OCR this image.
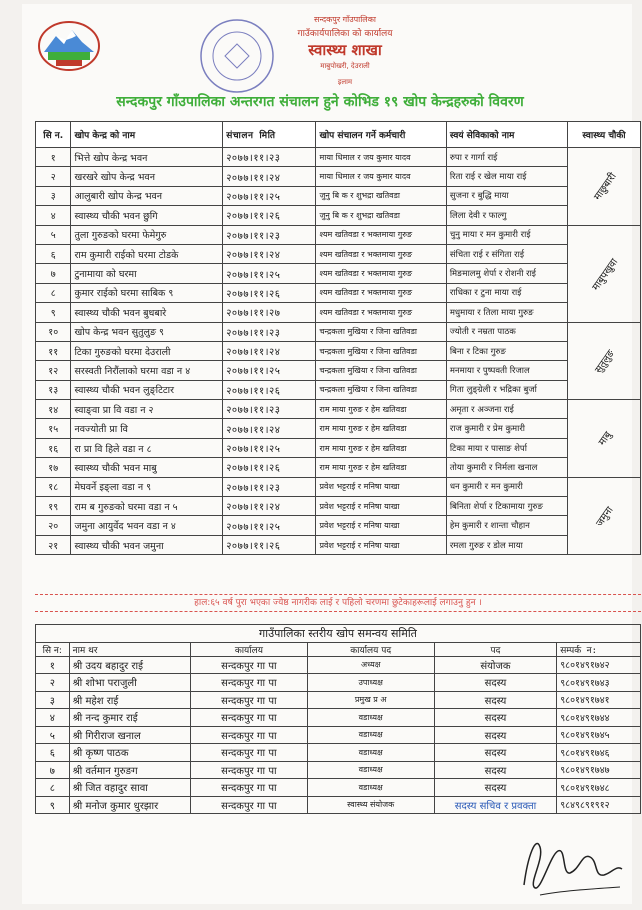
सन्दकपुर गाँउपालिका
गाउँकार्यपालिका को कार्यालय
स्वास्थ्य शाखा
माबुपोखरी, देउराली
इलाम
सन्दकपुर गाँउपालिका अन्तरगत संचालन हुने कोभिड १९ खोप केन्द्रहरुको विवरण
सि न.	खोप केन्द्र को नाम	संचालन मिति	खोप संचालन गर्ने कर्मचारी	स्वयं सेविकाको नाम	स्वास्थ्य चौकी
१	भित्ते खोप केन्द्र भवन	२०७७।११।२३	माया धिमाल र जय कुमार यादव	रुपा र गार्गा राई	माछुबारी
२	खरखरे खोप केन्द्र भवन	२०७७।११।२४	माया धिमाल र जय कुमार यादव	रिता राई र खेल माया राई	
३	आलुबारी खोप केन्द्र भवन	२०७७।११।२५	जुनु बि क र शुभद्रा खतिवडा	सुजना र बुद्धि माया	
४	स्वास्थ्य चौकी भवन छुगि	२०७७।११।२६	जुनु बि क र शुभद्रा खतिवडा	लिला देवी र फाल्गु	
५	तुला गुरुङको घरमा फेमेगुरु	२०७७।११।२३	श्यम खतिवडा र भक्तमाया गुरुङ	चुनु माया र मन कुमारी राई	माबुपखुवा
६	राम कुमारी राईको घरमा टोडके	२०७७।११।२४	श्यम खतिवडा र भक्तमाया गुरुङ	संचिता राई र संगिता राई	
७	टुनामाया को घरमा	२०७७।११।२५	श्यम खतिवडा र भक्तमाया गुरुङ	मिङमालमु शेर्पा र रोशनी राई	
८	कुमार राईको घरमा साबिक ९	२०७७।११।२६	श्यम खतिवडा र भक्तमाया गुरुङ	राधिका र टुना माया राई	
९	स्वास्थ्य चौकी भवन बुधबारे	२०७७।११।२७	श्यम खतिवडा र भक्तमाया गुरुङ	मधुमाया र तिला माया गुरुङ	
१०	खोप केन्द्र भवन सुतुलुङ ९	२०७७।११।२३	चन्द्रकला मुखिया र जिना खतिवडा	ज्योती र नम्रता पाठक	सुतुलुङ
११	टिका गुरुङको घरमा देउराली	२०७७।११।२४	चन्द्रकला मुखिया र जिना खतिवडा	बिना र टिका गुरुङ	
१२	सरस्वती निरौंलाको घरमा वडा न ४	२०७७।११।२५	चन्द्रकला मुखिया र जिना खतिवडा	मनमाया र पुष्पवती रिजाल	
१३	स्वास्थ्य चौकी भवन लुङ्टिटार	२०७७।११।२६	चन्द्रकला मुखिया र जिना खतिवडा	गिता लुङ्ग्रेली र भद्रिका बुर्जा	
१४	स्वाङ्वा प्रा वि वडा न २	२०७७।११।२३	राम माया गुरुङ र हेम खतिवडा	अमृता र अञ्जना राई	माबु
१५	नवज्योती प्रा वि	२०७७।११।२४	राम माया गुरुङ र हेम खतिवडा	राज कुमारी र प्रेम कुमारी	
१६	रा प्रा वि हिले वडा न ८	२०७७।११।२५	राम माया गुरुङ र हेम खतिवडा	टिका माया र पासाङ शेर्पा	
१७	स्वास्थ्य चौकी भवन माबु	२०७७।११।२६	राम माया गुरुङ र हेम खतिवडा	तोया कुमारी र निर्मला खनाल	
१८	मेघवर्ने इङ्ला वडा न ९	२०७७।११।२३	प्रवेश भट्टराई र मनिषा याखा	धन कुमारी र मन कुमारी	जमुना
१९	राम ब गुरुङको घरमा वडा न ५	२०७७।११।२४	प्रवेश भट्टराई र मनिषा याखा	बिनिता शेर्पा र टिकामाया गुरुङ	
२०	जमुना आयुर्वेद भवन वडा न ४	२०७७।११।२५	प्रवेश भट्टराई र मनिषा याखा	हेम कुमारी र शान्ता चौहान	
२१	स्वास्थ्य चौकी भवन जमुना	२०७७।११।२६	प्रवेश भट्टराई र मनिषा याखा	रमला गुरुङ र डोल माया	
हाल:६५ वर्ष पुरा भएका ज्येष्ठ नागरीक लाई र पहिलो चरणमा छुटेकाहरूलाई लगाउनु हुन ।
गाउँपालिका स्तरीय खोप समन्वय समिति					
सि न:	नाम थर	कार्यालय	कार्यालय पद	पद	सम्पर्क न:
१	श्री उदय बहादुर राई	सन्दकपुर गा पा	अध्यक्ष	संयोजक	९८०१४९१७४२
२	श्री शोभा पराजुली	सन्दकपुर गा पा	उपाध्यक्ष	सदस्य	९८०१४९१७४३
३	श्री महेश राई	सन्दकपुर गा पा	प्रमुख प्र अ	सदस्य	९८०१४९१७४१
४	श्री नन्द कुमार राई	सन्दकपुर गा पा	वडाध्यक्ष	सदस्य	९८०१४९१७४४
५	श्री गिरीराज खनाल	सन्दकपुर गा पा	वडाध्यक्ष	सदस्य	९८०१४९१७४५
६	श्री कृष्ण पाठक	सन्दकपुर गा पा	वडाध्यक्ष	सदस्य	९८०१४९१७४६
७	श्री वर्तमान गुरुङग	सन्दकपुर गा पा	वडाध्यक्ष	सदस्य	९८०१४९१७४७
८	श्री जित वहादुर सावा	सन्दकपुर गा पा	वडाध्यक्ष	सदस्य	९८०१४९१७४८
९	श्री मनोज कुमार धुरझार	सन्दकपुर गा पा	स्वास्थ्य संयोजक	सदस्य सचिव र प्रवक्ता	९८४९८९१९१२
